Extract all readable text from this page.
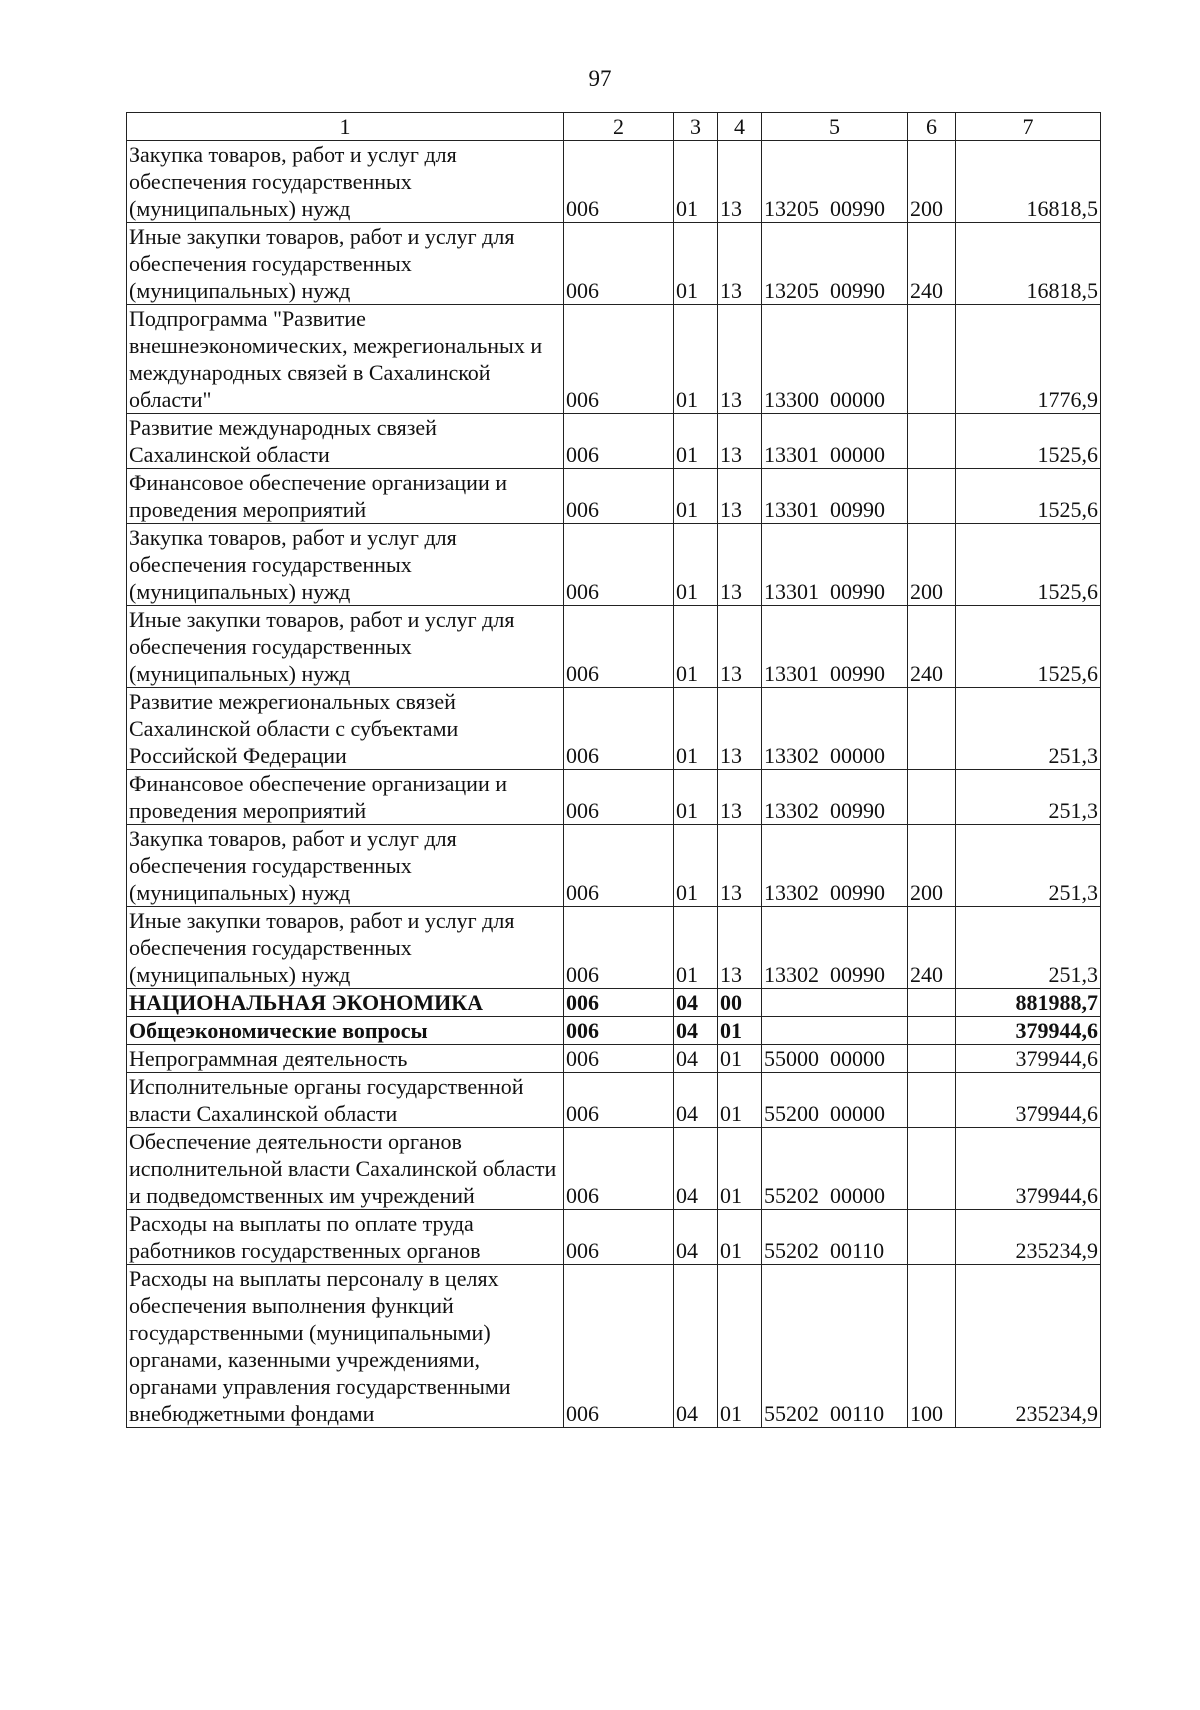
97
1	2	3	4	5	6	7
Закупка товаров, работ и услуг для обеспечения государственных (муниципальных) нужд	006	01	13	13205  00990	200	16818,5
Иные закупки товаров, работ и услуг для обеспечения государственных (муниципальных) нужд	006	01	13	13205  00990	240	16818,5
Подпрограмма "Развитие внешнеэкономических, межрегиональных и международных связей в Сахалинской области"	006	01	13	13300  00000		1776,9
Развитие международных связей Сахалинской области	006	01	13	13301  00000		1525,6
Финансовое обеспечение организации и проведения мероприятий	006	01	13	13301  00990		1525,6
Закупка товаров, работ и услуг для обеспечения государственных (муниципальных) нужд	006	01	13	13301  00990	200	1525,6
Иные закупки товаров, работ и услуг для обеспечения государственных (муниципальных) нужд	006	01	13	13301  00990	240	1525,6
Развитие межрегиональных связей Сахалинской области с субъектами Российской Федерации	006	01	13	13302  00000		251,3
Финансовое обеспечение организации и проведения мероприятий	006	01	13	13302  00990		251,3
Закупка товаров, работ и услуг для обеспечения государственных (муниципальных) нужд	006	01	13	13302  00990	200	251,3
Иные закупки товаров, работ и услуг для обеспечения государственных (муниципальных) нужд	006	01	13	13302  00990	240	251,3
НАЦИОНАЛЬНАЯ ЭКОНОМИКА	006	04	00			881988,7
Общеэкономические вопросы	006	04	01			379944,6
Непрограммная деятельность	006	04	01	55000  00000		379944,6
Исполнительные органы государственной власти Сахалинской области	006	04	01	55200  00000		379944,6
Обеспечение деятельности органов исполнительной власти Сахалинской области и подведомственных им учреждений	006	04	01	55202  00000		379944,6
Расходы на выплаты по оплате труда работников государственных органов	006	04	01	55202  00110		235234,9
Расходы на выплаты персоналу в целях обеспечения выполнения функций государственными (муниципальными) органами, казенными учреждениями, органами управления государственными внебюджетными фондами	006	04	01	55202  00110	100	235234,9
